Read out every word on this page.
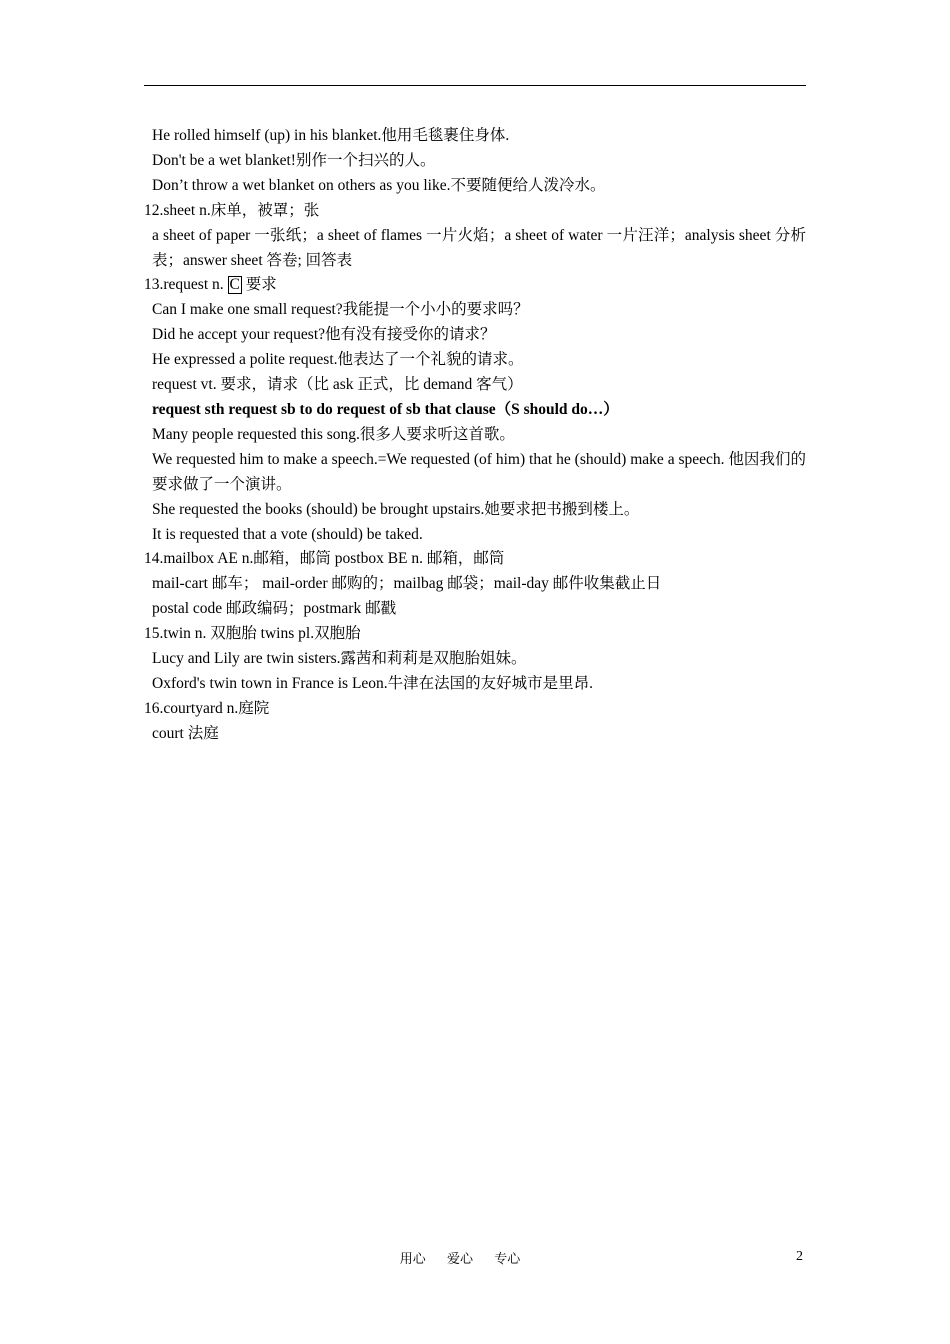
He rolled himself (up) in his blanket.他用毛毯裹住身体.
Don't be a wet blanket!别作一个扫兴的人。
Don’t throw a wet blanket on others as you like.不要随便给人泼冷水。
12.sheet n.床单，被罩；张
a sheet of paper 一张纸；a sheet of flames 一片火焰；a sheet of water 一片汪洋；analysis sheet 分析表；answer sheet 答卷; 回答表
13.request n. C 要求
Can I make one small request?我能提一个小小的要求吗？
Did he accept your request?他有没有接受你的请求？
He expressed a polite request.他表达了一个礼貌的请求。
request vt. 要求，请求（比 ask 正式，比 demand 客气）
request sth request sb to do request of sb that clause（S should do…）
Many people requested this song.很多人要求听这首歌。
We requested him to make a speech.=We requested (of him) that he (should) make a speech. 他因我们的要求做了一个演讲。
She requested the books (should) be brought upstairs.她要求把书搬到楼上。
It is requested that a vote (should) be taked.
14.mailbox AE n.邮箱，邮筒 postbox BE n. 邮箱，邮筒
mail-cart 邮车； mail-order 邮购的；mailbag 邮袋；mail-day 邮件收集截止日
postal code 邮政编码；postmark 邮戳
15.twin n. 双胞胎 twins pl.双胞胎
Lucy and Lily are twin sisters.露茜和莉莉是双胞胎姐妹。
Oxford's twin town in France is Leon.牛津在法国的友好城市是里昂.
16.courtyard n.庭院
court 法庭
用心 爱心 专心	2
